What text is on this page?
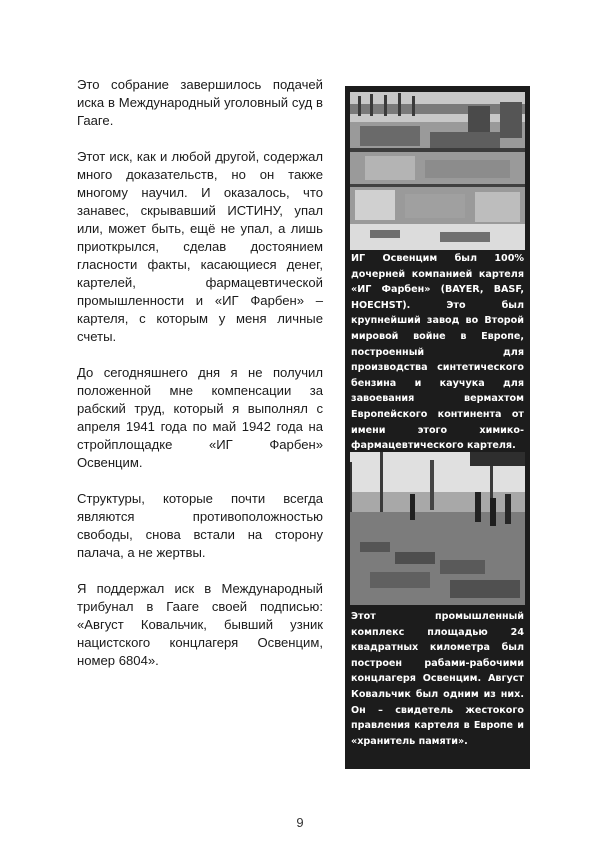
Это собрание завершилось подачей иска в Международный уголовный суд в Гааге.

Этот иск, как и любой другой, содержал много доказательств, но он также многому научил. И оказалось, что занавес, скрывавший ИСТИНУ, упал или, может быть, ещё не упал, а лишь приоткрылся, сделав достоянием гласности факты, касающиеся денег, картелей, фармацевтической промышленности и «ИГ Фарбен» – картеля, с которым у меня личные счеты.

До сегодняшнего дня я не получил положенной мне компенсации за рабский труд, который я выполнял с апреля 1941 года по май 1942 года на стройплощадке «ИГ Фарбен» Освенцим.

Структуры, которые почти всегда являются противоположностью свободы, снова встали на сторону палача, а не жертвы.

Я поддержал иск в Международный трибунал в Гааге своей подписью: «Август Ковальчик, бывший узник нацистского концлагеря Освенцим, номер 6804».

ИГ Освенцим был 100% дочерней компанией картеля «ИГ Фарбен» (BAYER, BASF, HOECHST). Это был крупнейший завод во Второй мировой войне в Европе, построенный для производства синтетического бензина и каучука для завоевания вермахтом Европейского континента от имени этого химико-фармацевтического картеля.
Этот промышленный комплекс площадью 24 квадратных километра был построен рабами-рабочими концлагеря Освенцим. Август Ковальчик был одним из них. Он – свидетель жестокого правления картеля в Европе и «хранитель памяти».
9
